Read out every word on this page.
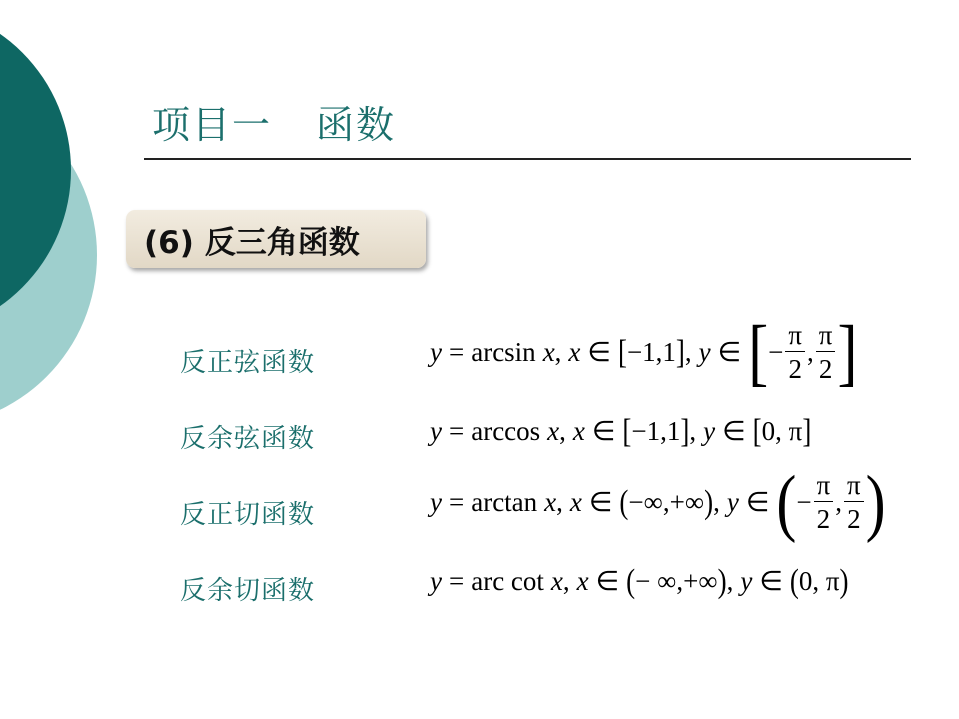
项目一 函数
(6) 反三角函数
反正弦函数	y = arcsin x , x ∈ [ −1,1 ] , y ∈ [ − $\frac{\pi}{2}$ , $\frac{\pi}{2}$ ]
反余弦函数	y = arccos x , x ∈ [ −1,1 ] , y ∈ [ 0, π ]
反正切函数	y = arctan x , x ∈ ( −∞,+∞ ) , y ∈ ( − $\frac{\pi}{2}$ , $\frac{\pi}{2}$ )
反余切函数	y = arc cot x , x ∈ ( − ∞,+∞ ) , y ∈ ( 0, π )
